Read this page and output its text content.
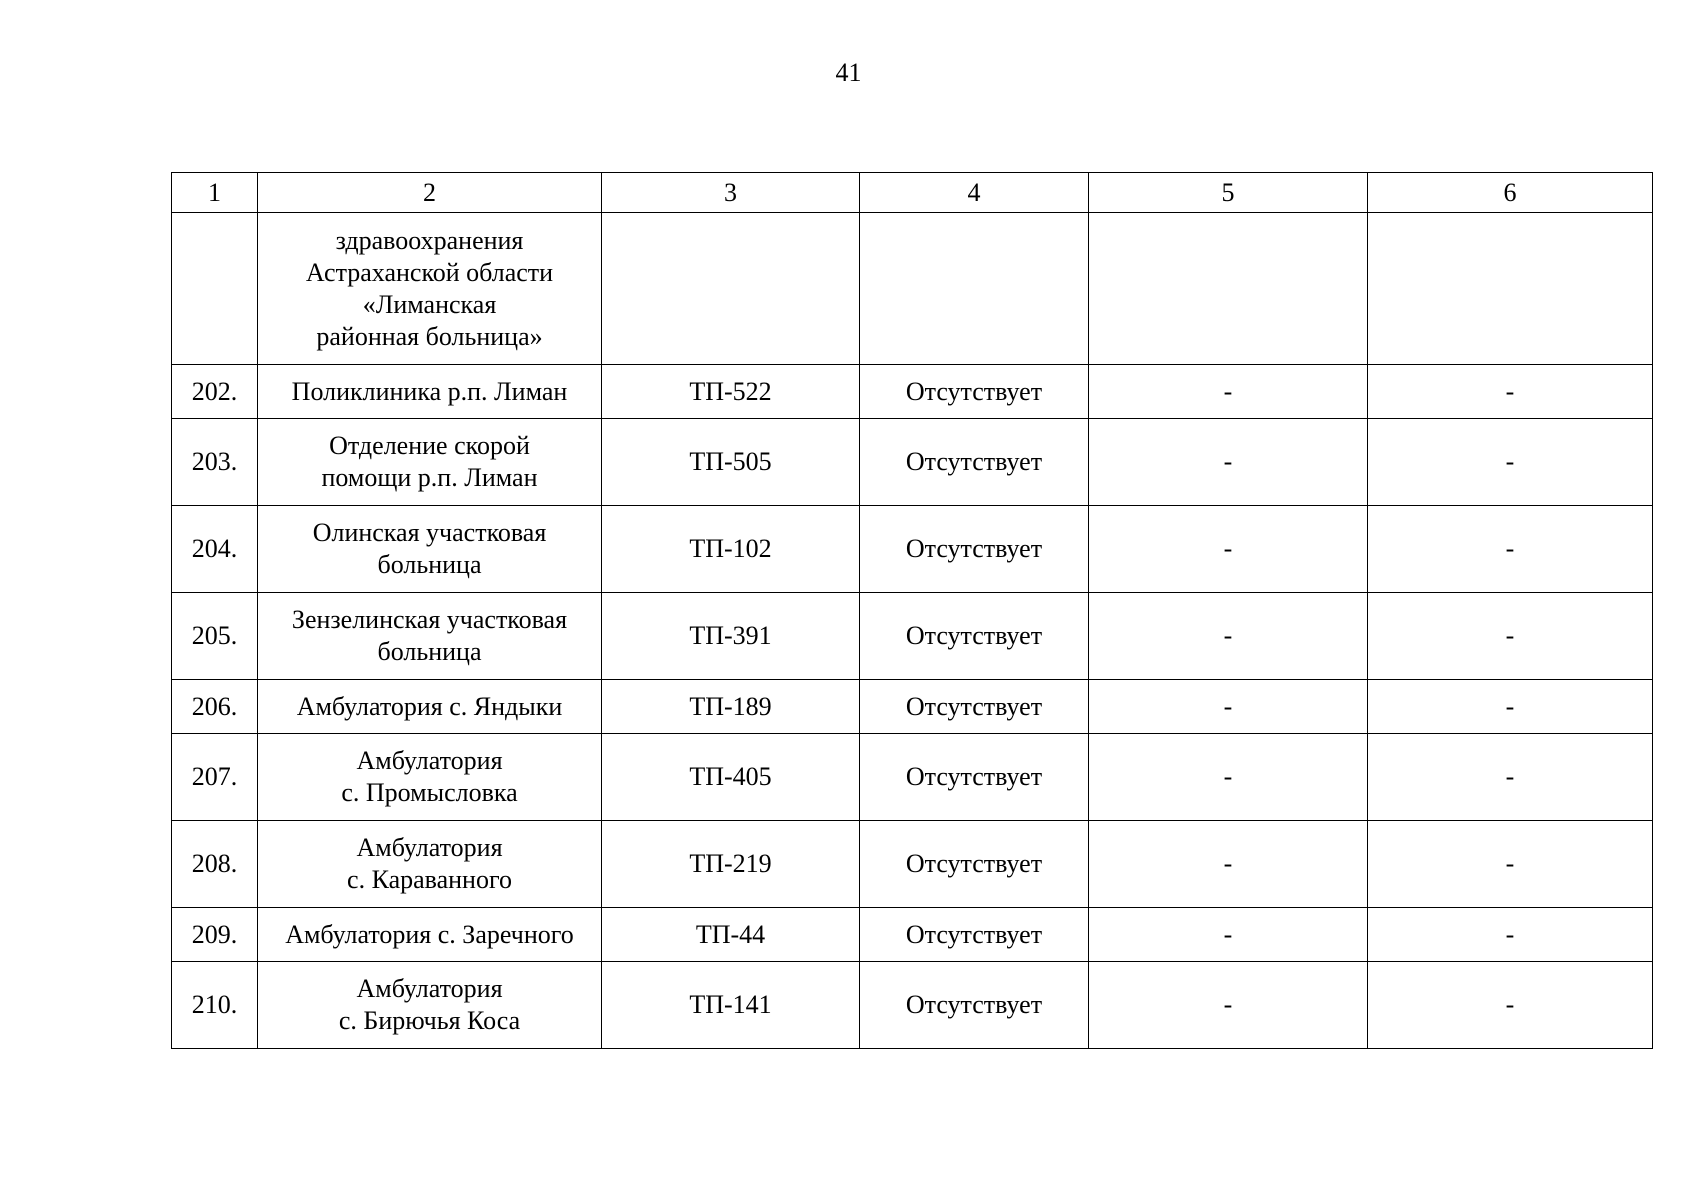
41
1	2	3	4	5	6
	здравоохранения
Астраханской области
«Лиманская
районная больница»				
202.	Поликлиника р.п. Лиман	ТП-522	Отсутствует	-	-
203.	Отделение скорой
помощи р.п. Лиман	ТП-505	Отсутствует	-	-
204.	Олинская участковая
больница	ТП-102	Отсутствует	-	-
205.	Зензелинская участковая
больница	ТП-391	Отсутствует	-	-
206.	Амбулатория с. Яндыки	ТП-189	Отсутствует	-	-
207.	Амбулатория
с. Промысловка	ТП-405	Отсутствует	-	-
208.	Амбулатория
с. Караванного	ТП-219	Отсутствует	-	-
209.	Амбулатория с. Заречного	ТП-44	Отсутствует	-	-
210.	Амбулатория
с. Бирючья Коса	ТП-141	Отсутствует	-	-
